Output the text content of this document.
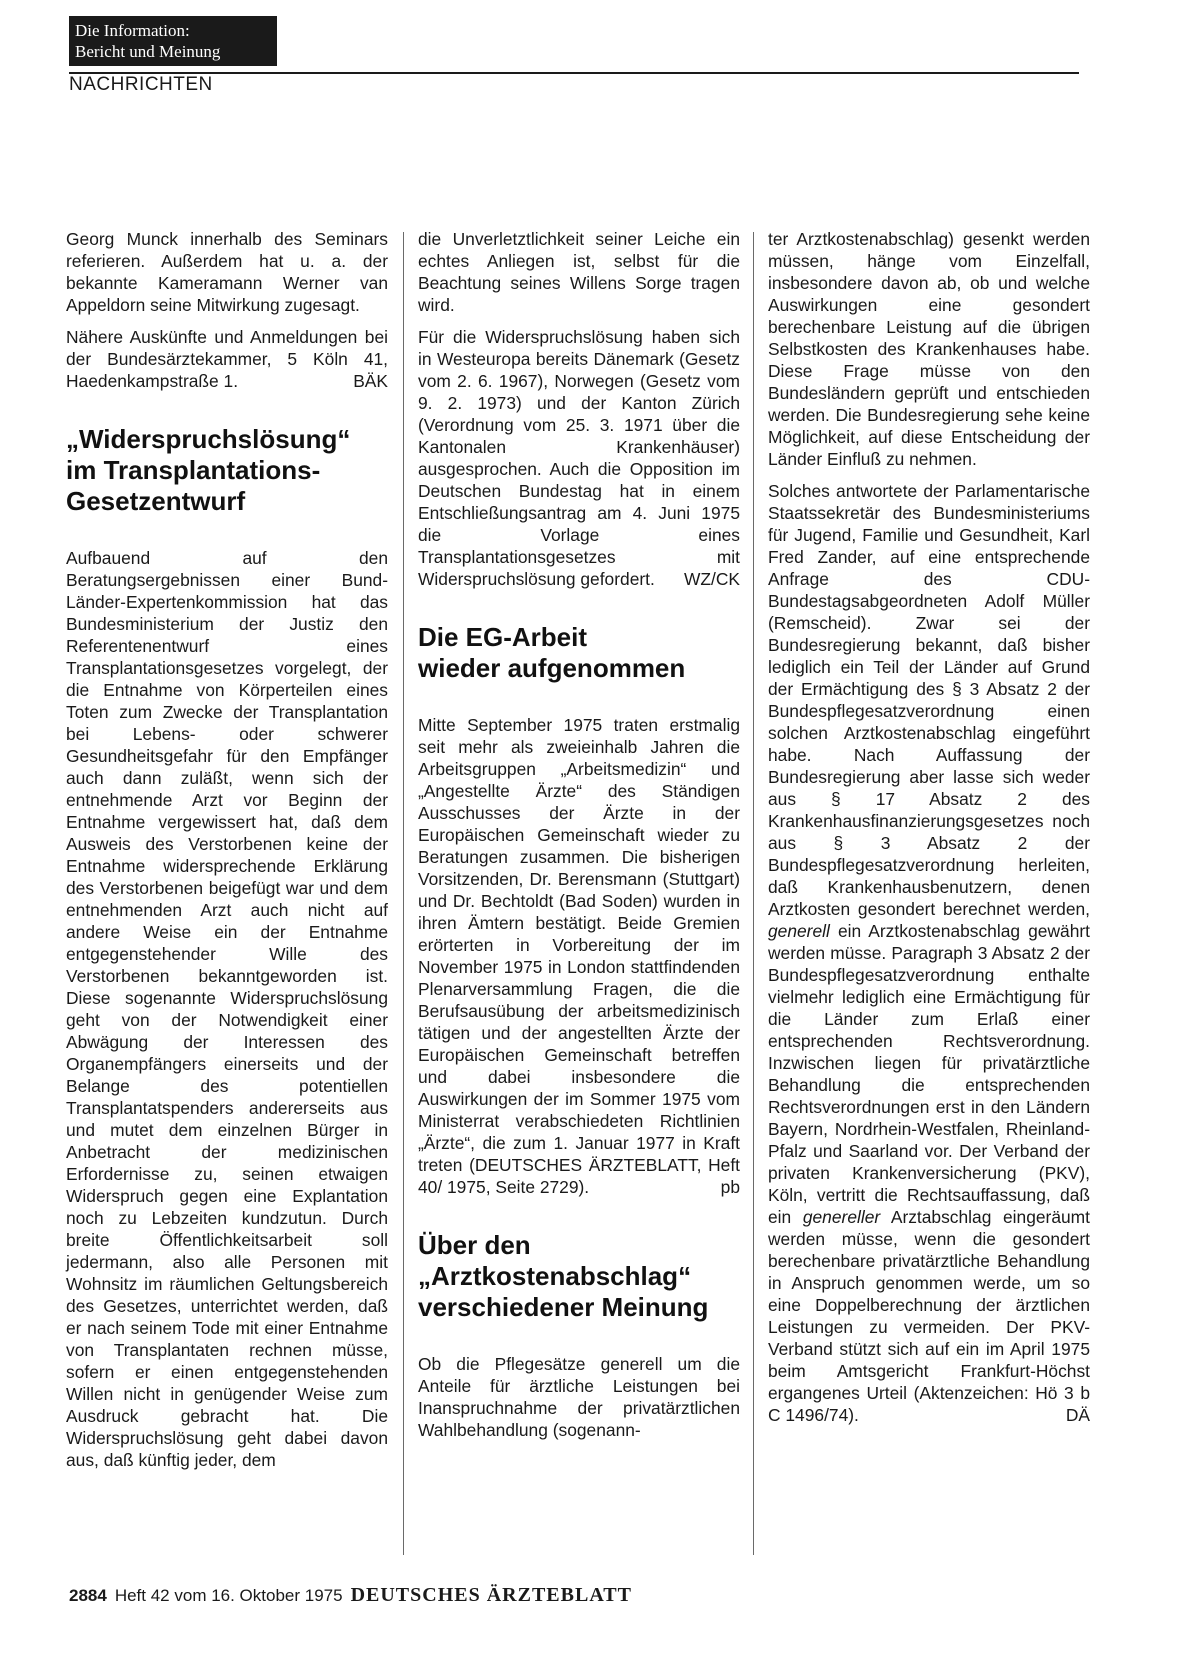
Die Information:
Bericht und Meinung
NACHRICHTEN

Georg Munck innerhalb des Seminars referieren. Außerdem hat u. a. der bekannte Kameramann Werner van Appeldorn seine Mitwirkung zugesagt.

Nähere Auskünfte und Anmeldungen bei der Bundesärztekammer, 5 Köln 41, Haedenkampstraße 1.	BÄK

„Widerspruchslösung“
im Transplantations-
Gesetzentwurf

Aufbauend auf den Beratungsergebnissen einer Bund-Länder-Expertenkommission hat das Bundesministerium der Justiz den Referentenentwurf eines Transplantationsgesetzes vorgelegt, der die Entnahme von Körperteilen eines Toten zum Zwecke der Transplantation bei Lebens- oder schwerer Gesundheitsgefahr für den Empfänger auch dann zuläßt, wenn sich der entnehmende Arzt vor Beginn der Entnahme vergewissert hat, daß dem Ausweis des Verstorbenen keine der Entnahme widersprechende Erklärung des Verstorbenen beigefügt war und dem entnehmenden Arzt auch nicht auf andere Weise ein der Entnahme entgegenstehender Wille des Verstorbenen bekanntgeworden ist. Diese sogenannte Widerspruchslösung geht von der Notwendigkeit einer Abwägung der Interessen des Organempfängers einerseits und der Belange des potentiellen Transplantatspenders andererseits aus und mutet dem einzelnen Bürger in Anbetracht der medizinischen Erfordernisse zu, seinen etwaigen Widerspruch gegen eine Explantation noch zu Lebzeiten kundzutun. Durch breite Öffentlichkeitsarbeit soll jedermann, also alle Personen mit Wohnsitz im räumlichen Geltungsbereich des Gesetzes, unterrichtet werden, daß er nach seinem Tode mit einer Entnahme von Transplantaten rechnen müsse, sofern er einen entgegenstehenden Willen nicht in genügender Weise zum Ausdruck gebracht hat. Die Widerspruchslösung geht dabei davon aus, daß künftig jeder, dem

die Unverletztlichkeit seiner Leiche ein echtes Anliegen ist, selbst für die Beachtung seines Willens Sorge tragen wird.

Für die Widerspruchslösung haben sich in Westeuropa bereits Dänemark (Gesetz vom 2. 6. 1967), Norwegen (Gesetz vom 9. 2. 1973) und der Kanton Zürich (Verordnung vom 25. 3. 1971 über die Kantonalen Krankenhäuser) ausgesprochen. Auch die Opposition im Deutschen Bundestag hat in einem Entschließungsantrag am 4. Juni 1975 die Vorlage eines Transplantationsgesetzes mit Widerspruchslösung gefordert. WZ/CK

Die EG-Arbeit
wieder aufgenommen

Mitte September 1975 traten erstmalig seit mehr als zweieinhalb Jahren die Arbeitsgruppen „Arbeitsmedizin“ und „Angestellte Ärzte“ des Ständigen Ausschusses der Ärzte in der Europäischen Gemeinschaft wieder zu Beratungen zusammen. Die bisherigen Vorsitzenden, Dr. Berensmann (Stuttgart) und Dr. Bechtoldt (Bad Soden) wurden in ihren Ämtern bestätigt. Beide Gremien erörterten in Vorbereitung der im November 1975 in London stattfindenden Plenarversammlung Fragen, die die Berufsausübung der arbeitsmedizinisch tätigen und der angestellten Ärzte der Europäischen Gemeinschaft betreffen und dabei insbesondere die Auswirkungen der im Sommer 1975 vom Ministerrat verabschiedeten Richtlinien „Ärzte“, die zum 1. Januar 1977 in Kraft treten (DEUTSCHES ÄRZTEBLATT, Heft 40/ 1975, Seite 2729).	pb

Über den
„Arztkostenabschlag“
verschiedener Meinung

Ob die Pflegesätze generell um die Anteile für ärztliche Leistungen bei Inanspruchnahme der privatärztlichen Wahlbehandlung (sogenann-

ter Arztkostenabschlag) gesenkt werden müssen, hänge vom Einzelfall, insbesondere davon ab, ob und welche Auswirkungen eine gesondert berechenbare Leistung auf die übrigen Selbstkosten des Krankenhauses habe. Diese Frage müsse von den Bundesländern geprüft und entschieden werden. Die Bundesregierung sehe keine Möglichkeit, auf diese Entscheidung der Länder Einfluß zu nehmen.

Solches antwortete der Parlamentarische Staatssekretär des Bundesministeriums für Jugend, Familie und Gesundheit, Karl Fred Zander, auf eine entsprechende Anfrage des CDU-Bundestagsabgeordneten Adolf Müller (Remscheid). Zwar sei der Bundesregierung bekannt, daß bisher lediglich ein Teil der Länder auf Grund der Ermächtigung des § 3 Absatz 2 der Bundespflegesatzverordnung einen solchen Arztkostenabschlag eingeführt habe. Nach Auffassung der Bundesregierung aber lasse sich weder aus § 17 Absatz 2 des Krankenhausfinanzierungsgesetzes noch aus § 3 Absatz 2 der Bundespflegesatzverordnung herleiten, daß Krankenhausbenutzern, denen Arztkosten gesondert berechnet werden, generell ein Arztkostenabschlag gewährt werden müsse. Paragraph 3 Absatz 2 der Bundespflegesatzverordnung enthalte vielmehr lediglich eine Ermächtigung für die Länder zum Erlaß einer entsprechenden Rechtsverordnung. Inzwischen liegen für privatärztliche Behandlung die entsprechenden Rechtsverordnungen erst in den Ländern Bayern, Nordrhein-Westfalen, Rheinland-Pfalz und Saarland vor. Der Verband der privaten Krankenversicherung (PKV), Köln, vertritt die Rechtsauffassung, daß ein genereller Arztabschlag eingeräumt werden müsse, wenn die gesondert berechenbare privatärztliche Behandlung in Anspruch genommen werde, um so eine Doppelberechnung der ärztlichen Leistungen zu vermeiden. Der PKV-Verband stützt sich auf ein im April 1975 beim Amtsgericht Frankfurt-Höchst ergangenes Urteil (Aktenzeichen: Hö 3 b C 1496/74).	DÄ

2884 Heft 42 vom 16. Oktober 1975 DEUTSCHES ÄRZTEBLATT
